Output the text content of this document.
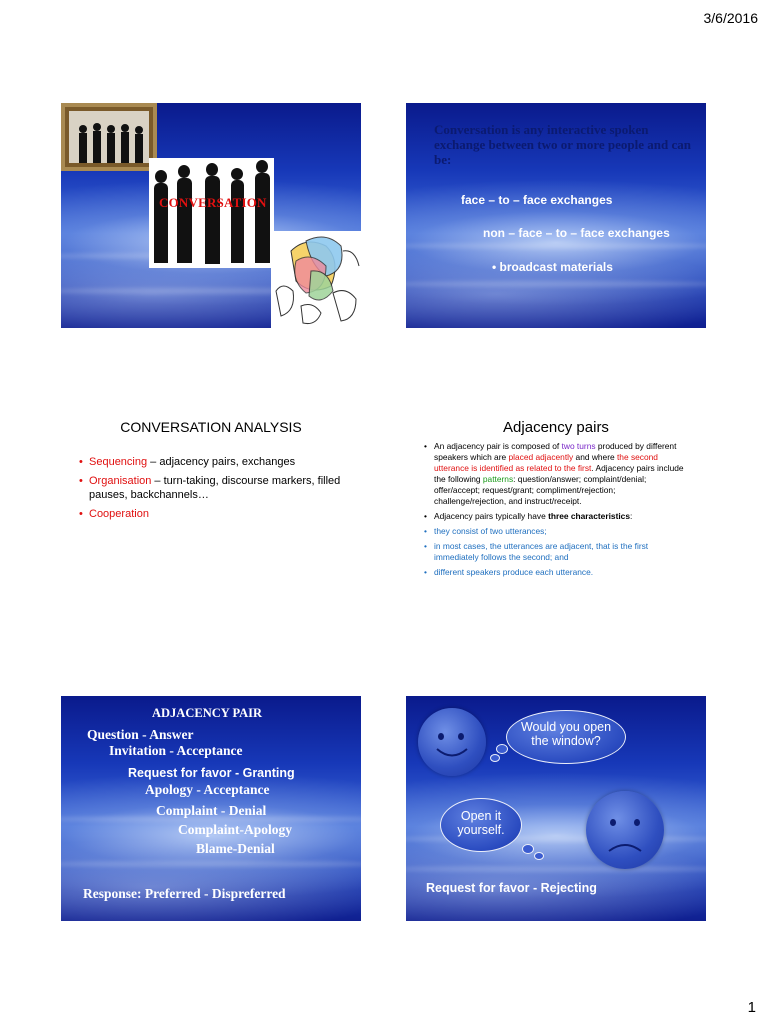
3/6/2016
CONVERSATION
Conversation is any interactive spoken exchange between two or more people and can be:
face – to – face exchanges
non – face – to – face exchanges
• broadcast materials
CONVERSATION ANALYSIS
• Sequencing – adjacency pairs, exchanges
• Organisation – turn-taking, discourse markers, filled pauses, backchannels…
• Cooperation
Adjacency pairs
• An adjacency pair is composed of two turns produced by different speakers which are placed adjacently and where the second utterance is identified as related to the first. Adjacency pairs include the following patterns: question/answer; complaint/denial; offer/accept; request/grant; compliment/rejection; challenge/rejection, and instruct/receipt.
• Adjacency pairs typically have three characteristics:
• they consist of two utterances;
• in most cases, the utterances are adjacent, that is the first immediately follows the second; and
• different speakers produce each utterance.
ADJACENCY PAIR
Question - Answer
Invitation - Acceptance
Request for favor - Granting
Apology - Acceptance
Complaint - Denial
Complaint-Apology
Blame-Denial
Response: Preferred - Dispreferred
Would you open
the window?
Open it
yourself.
Request for favor - Rejecting
1
